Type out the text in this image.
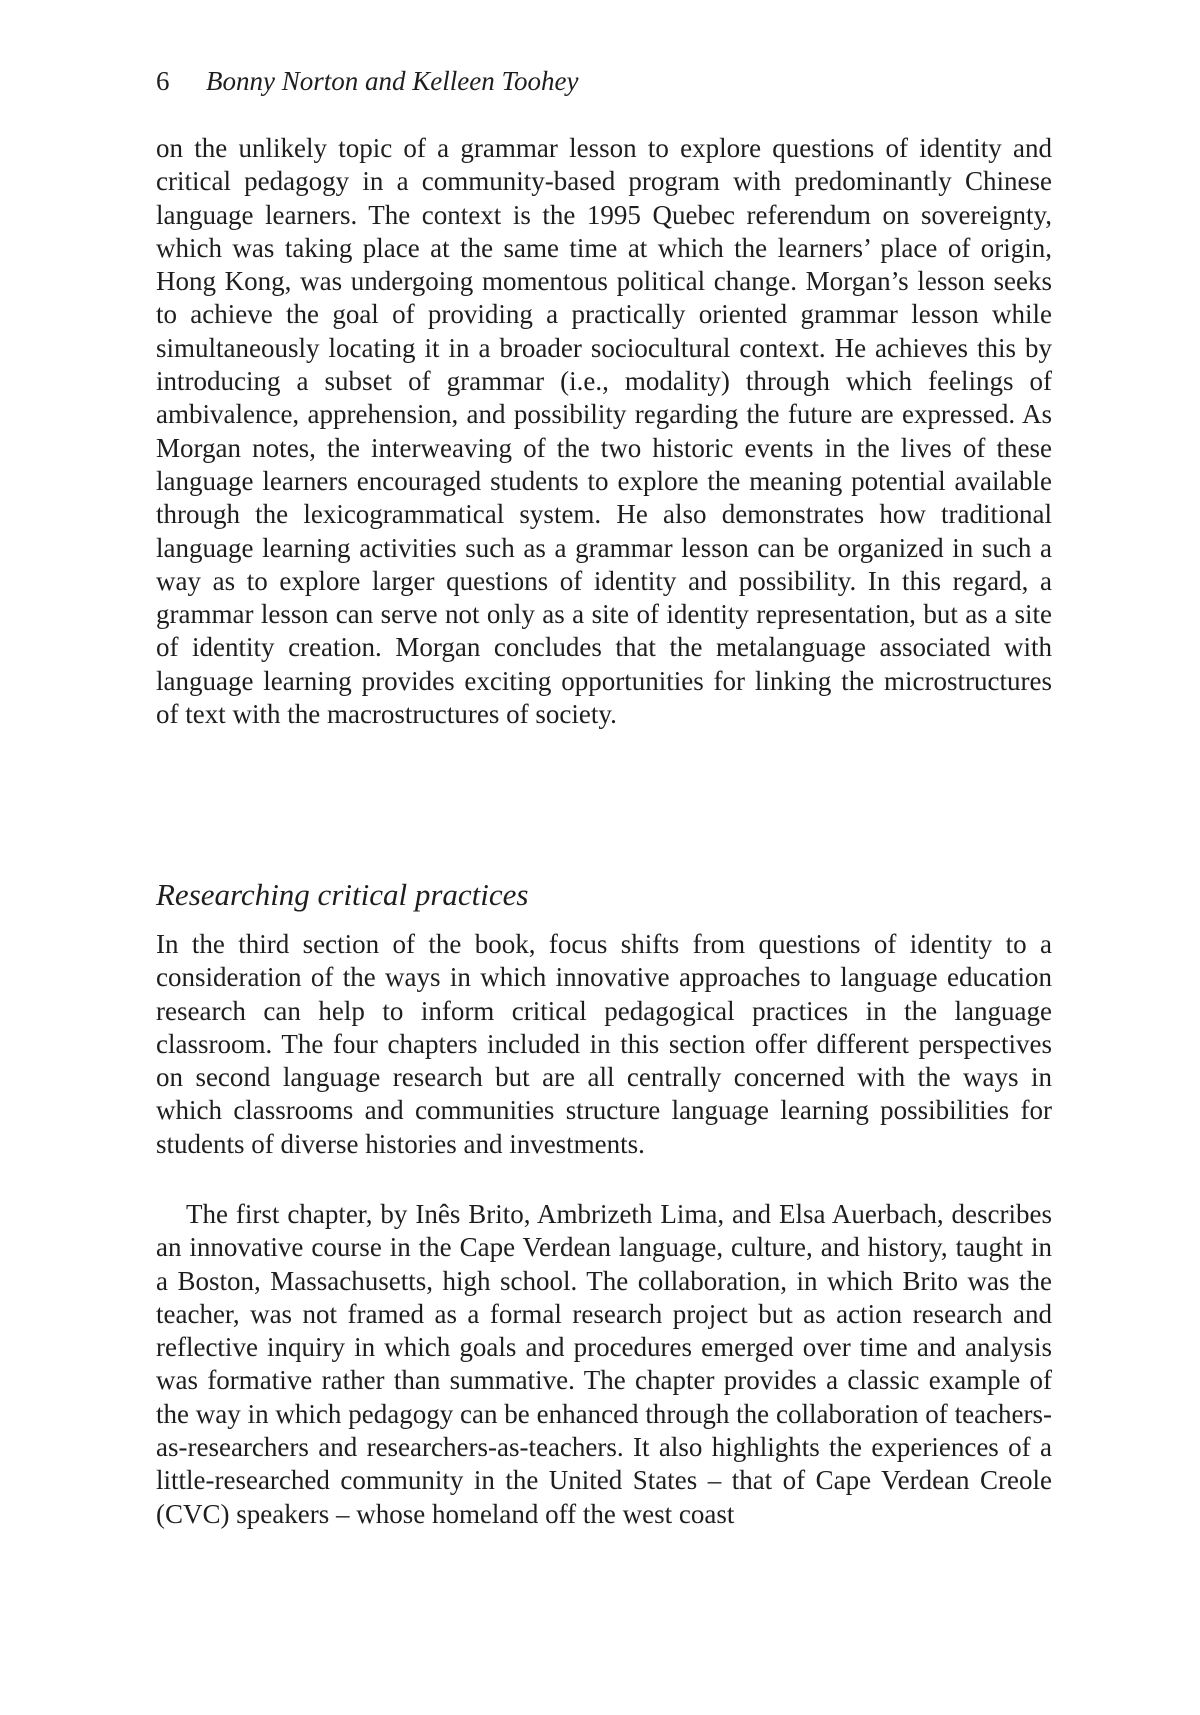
6 Bonny Norton and Kelleen Toohey

on the unlikely topic of a grammar lesson to explore questions of identity and critical pedagogy in a community-based program with predominantly Chinese language learners. The context is the 1995 Quebec referendum on sovereignty, which was taking place at the same time at which the learners’ place of origin, Hong Kong, was undergoing momentous political change. Morgan’s lesson seeks to achieve the goal of providing a practically oriented grammar lesson while simultaneously locating it in a broader sociocultural context. He achieves this by introducing a subset of grammar (i.e., modality) through which feelings of ambivalence, apprehension, and possibility regarding the future are expressed. As Morgan notes, the interweaving of the two historic events in the lives of these language learners encouraged students to explore the meaning potential available through the lexicogrammatical system. He also demonstrates how traditional language learning activities such as a grammar lesson can be organized in such a way as to explore larger questions of identity and possibility. In this regard, a grammar lesson can serve not only as a site of identity representation, but as a site of identity creation. Morgan concludes that the metalanguage associated with language learning provides exciting opportunities for linking the microstructures of text with the macrostructures of society.

Researching critical practices

In the third section of the book, focus shifts from questions of identity to a consideration of the ways in which innovative approaches to language education research can help to inform critical pedagogical practices in the language classroom. The four chapters included in this section offer different perspectives on second language research but are all centrally concerned with the ways in which classrooms and communities structure language learning possibilities for students of diverse histories and investments.

The first chapter, by Inês Brito, Ambrizeth Lima, and Elsa Auerbach, describes an innovative course in the Cape Verdean language, culture, and history, taught in a Boston, Massachusetts, high school. The collaboration, in which Brito was the teacher, was not framed as a formal research project but as action research and reflective inquiry in which goals and procedures emerged over time and analysis was formative rather than summative. The chapter provides a classic example of the way in which pedagogy can be enhanced through the collaboration of teachers-as-researchers and researchers-as-teachers. It also highlights the experiences of a little-researched community in the United States – that of Cape Verdean Creole (CVC) speakers – whose homeland off the west coast
